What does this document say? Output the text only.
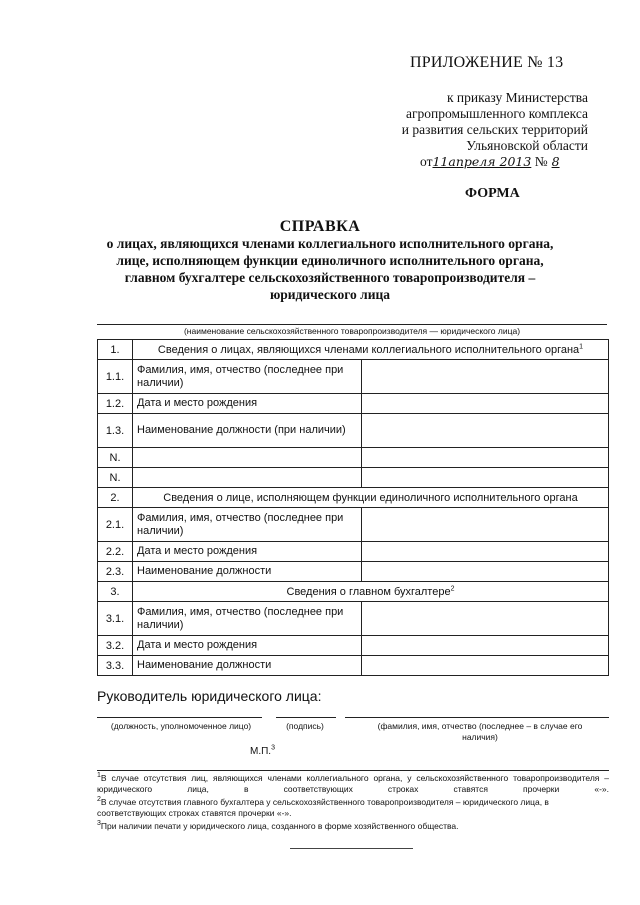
ПРИЛОЖЕНИЕ № 13
к приказу Министерства
агропромышленного комплекса
и развития сельских территорий
Ульяновской области
от11апреля 2013 № 8
ФОРМА
СПРАВКА
о лицах, являющихся членами коллегиального исполнительного органа,
лице, исполняющем функции единоличного исполнительного органа,
главном бухгалтере сельскохозяйственного товаропроизводителя –
юридического лица
(наименование сельскохозяйственного товаропроизводителя — юридического лица)
1.	Сведения о лицах, являющихся членами коллегиального исполнительного органа$^1$
1.1.	Фамилия, имя, отчество (последнее при наличии)	
1.2.	Дата и место рождения	
1.3.	Наименование должности (при наличии)	
N.		
N.		
2.	Сведения о лице, исполняющем функции единоличного исполнительного органа	
2.1.	Фамилия, имя, отчество (последнее при наличии)	
2.2.	Дата и место рождения	
2.3.	Наименование должности	
3.	Сведения о главном бухгалтере$^2$
3.1.	Фамилия, имя, отчество (последнее при наличии)	
3.2.	Дата и место рождения	
3.3.	Наименование должности	
Руководитель юридического лица:
(должность, уполномоченное лицо)	(подпись)	(фамилия, имя, отчество (последнее – в случае его наличия)
М.П.$^3$
$^1$В случае отсутствия лиц, являющихся членами коллегиального органа, у сельскохозяйственного товаропроизводителя – юридического лица, в соответствующих строках ставятся прочерки «-».
$^2$В случае отсутствия главного бухгалтера у сельскохозяйственного товаропроизводителя – юридического лица, в соответствующих строках ставятся прочерки «-».
$^3$При наличии печати у юридического лица, созданного в форме хозяйственного общества.
